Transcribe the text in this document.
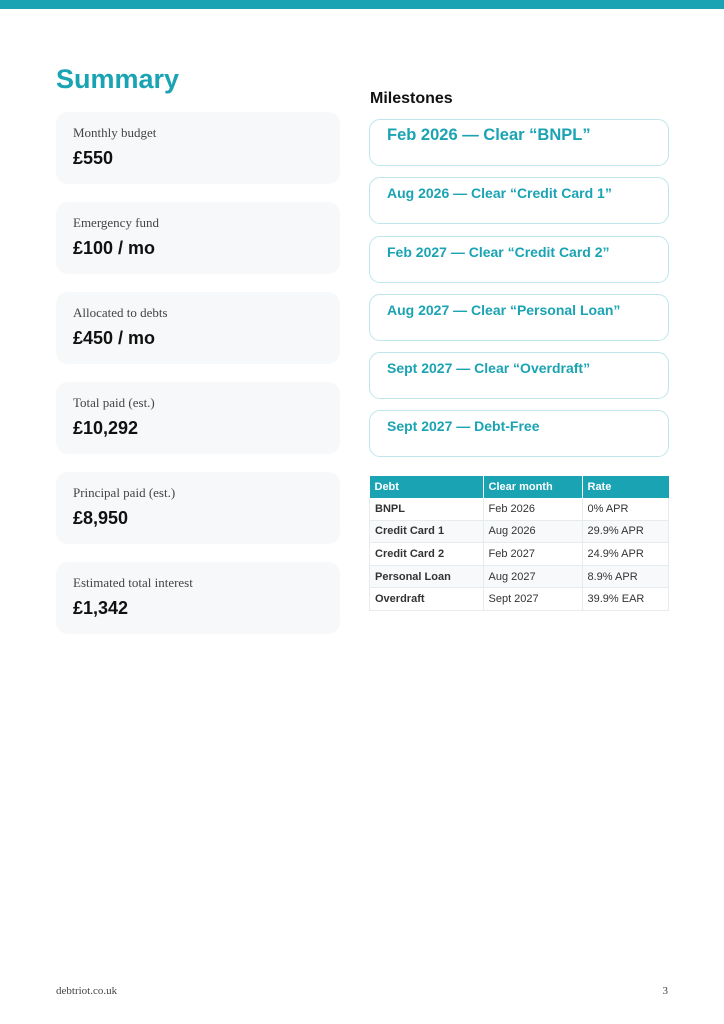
Summary
Monthly budget
£550
Emergency fund
£100 / mo
Allocated to debts
£450 / mo
Total paid (est.)
£10,292
Principal paid (est.)
£8,950
Estimated total interest
£1,342
Milestones
Feb 2026 — Clear “BNPL”
Aug 2026 — Clear “Credit Card 1”
Feb 2027 — Clear “Credit Card 2”
Aug 2027 — Clear “Personal Loan”
Sept 2027 — Clear “Overdraft”
Sept 2027 — Debt-Free
Debt	Clear month	Rate
BNPL	Feb 2026	0% APR
Credit Card 1	Aug 2026	29.9% APR
Credit Card 2	Feb 2027	24.9% APR
Personal Loan	Aug 2027	8.9% APR
Overdraft	Sept 2027	39.9% EAR
debtriot.co.uk	3
